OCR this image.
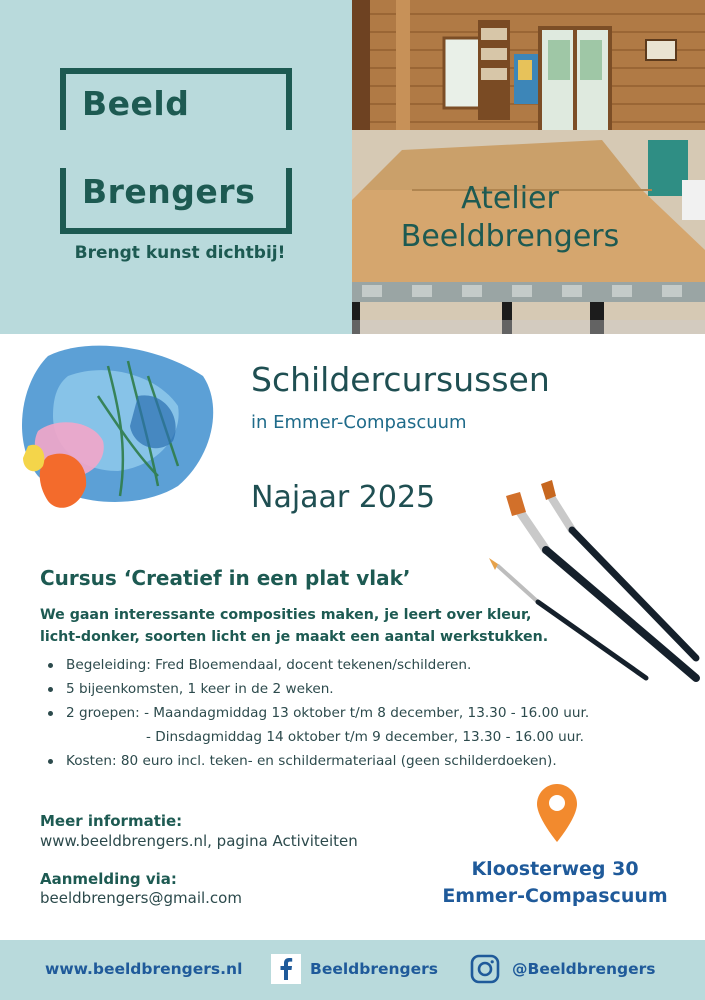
Beeld
Brengers
Brengt kunst dichtbij!
Atelier
Beeldbrengers
Schildercursussen
in Emmer-Compascuum
Najaar 2025
Cursus ‘Creatief in een plat vlak’
We gaan interessante composities maken, je leert over kleur,
licht-donker, soorten licht en je maakt een aantal werkstukken.
Begeleiding: Fred Bloemendaal, docent tekenen/schilderen.
5 bijeenkomsten, 1 keer in de 2 weken.
2 groepen: - Maandagmiddag 13 oktober t/m 8 december, 13.30 - 16.00 uur.
- Dinsdagmiddag 14 oktober t/m 9 december, 13.30 - 16.00 uur.
Kosten: 80 euro incl. teken- en schildermateriaal (geen schilderdoeken).
Meer informatie:
www.beeldbrengers.nl, pagina Activiteiten
Aanmelding via:
beeldbrengers@gmail.com
Kloosterweg 30
Emmer-Compascuum
www.beeldbrengers.nl	Beeldbrengers	@Beeldbrengers
